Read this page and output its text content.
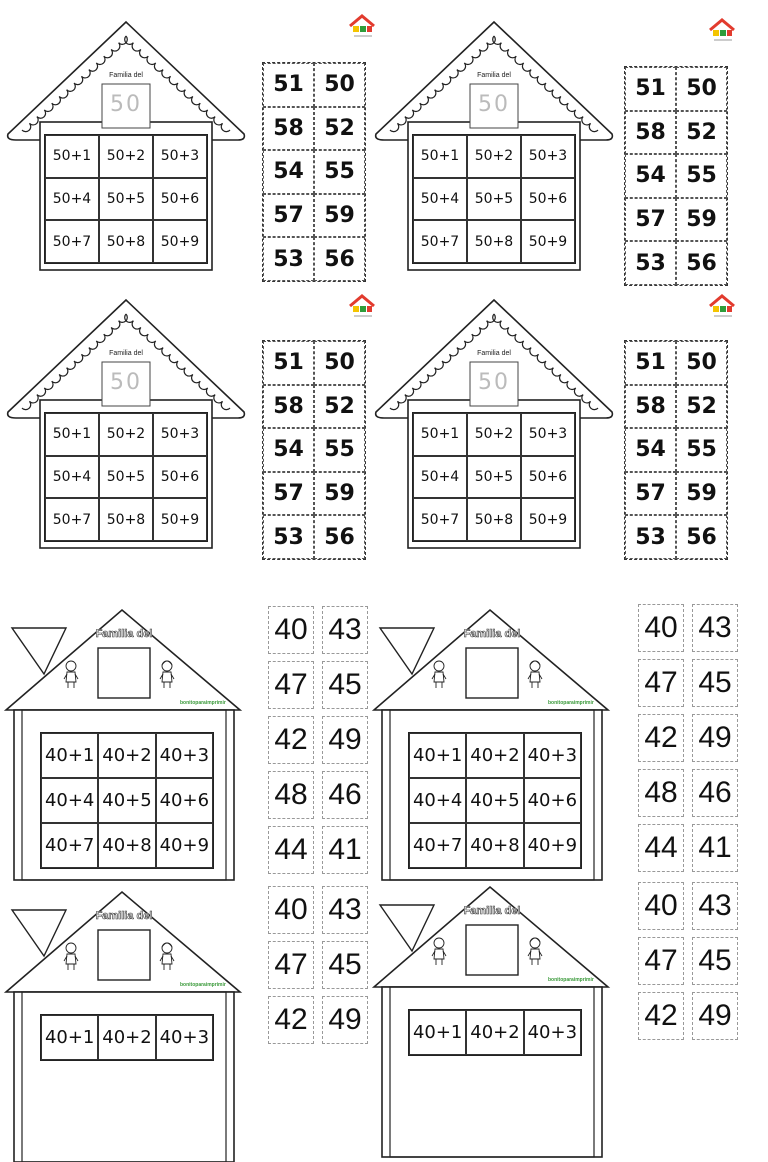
Familia del
50
50+1	50+2	50+3
50+4	50+5	50+6
50+7	50+8	50+9
51 50
58 52
54 55
57 59
53 56
Familia del
50
50+1	50+2	50+3
50+4	50+5	50+6
50+7	50+8	50+9
51 50
58 52
54 55
57 59
53 56
Familia del
50
50+1	50+2	50+3
50+4	50+5	50+6
50+7	50+8	50+9
51 50
58 52
54 55
57 59
53 56
Familia del
50
50+1	50+2	50+3
50+4	50+5	50+6
50+7	50+8	50+9
51 50
58 52
54 55
57 59
53 56
Familia del
bonitoparaimprimir
40+1 40+2 40+3
40+4 40+5 40+6
40+7 40+8 40+9
Familia del
bonitoparaimprimir
40+1 40+2 40+3
40+4 40+5 40+6
40+7 40+8 40+9
Familia del
bonitoparaimprimir
40+1 40+2 40+3
Familia del
bonitoparaimprimir
40+1 40+2 40+3
40 43
47 45
42 49
48 46
44 41
40 43
47 45
42 49
48 46
44 41
40 43
47 45
42 49
40 43
47 45
42 49
